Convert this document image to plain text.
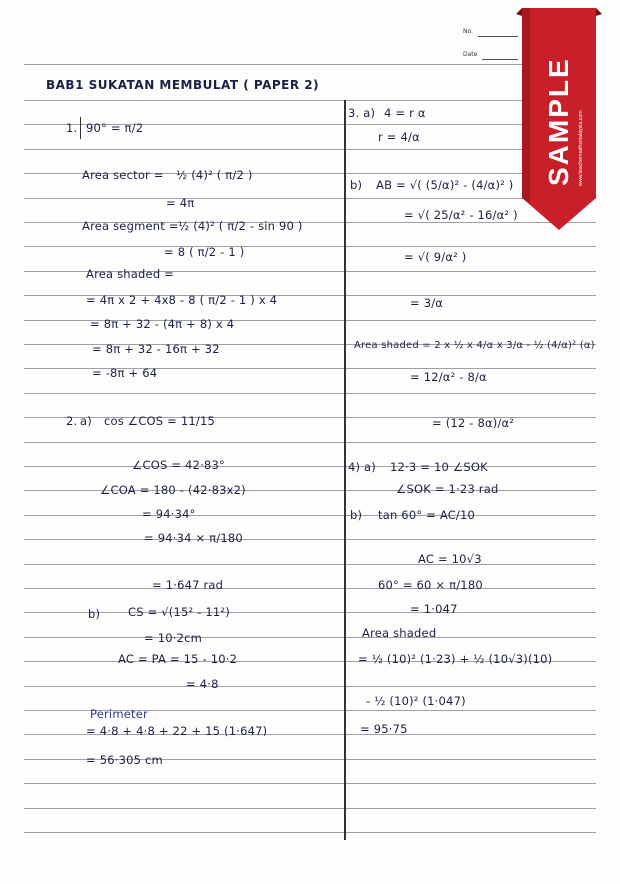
No.
Date
BAB1 SUKATAN MEMBULAT ( PAPER 2)
1. 90° = π/2
Area sector = ½ (4)² ( π/2 )
= 4π
Area segment = ½ (4)² ( π/2 - sin 90 )
= 8 ( π/2 - 1 )
Area shaded =
= 4π x 2 + 4x8 - 8 ( π/2 - 1 ) x 4
= 8π + 32 - (4π + 8) x 4
= 8π + 32 - 16π + 32
= -8π + 64
2. a) cos ∠COS = 11/15
∠COS = 42·83°
∠COA = 180 - (42·83x2)
= 94·34°
= 94·34 × π/180
= 1·647 rad
b) CS = √(15² - 11²)
= 10·2cm
AC = PA = 15 - 10·2
= 4·8
Perimeter
= 4·8 + 4·8 + 22 + 15 (1·647)
= 56·305 cm
3. a) 4 = r α
r = 4/α
b) AB = √( (5/α)² - (4/α)² )
= √( 25/α² - 16/α² )
= √( 9/α² )
= 3/α
Area shaded = 2 x ½ x 4/α x 3/α - ½ (4/α)² (α)
= 12/α² - 8/α
= (12 - 8α)/α²
4) a) 12·3 = 10 ∠SOK
∠SOK = 1·23 rad
b) tan 60° = AC/10
AC = 10√3
60° = 60 × π/180
= 1·047
Area shaded
= ½ (10)² (1·23) + ½ (10√3)(10)
- ½ (10)² (1·047)
= 95·75
SAMPLE www.teachermathsmalaysia.com
